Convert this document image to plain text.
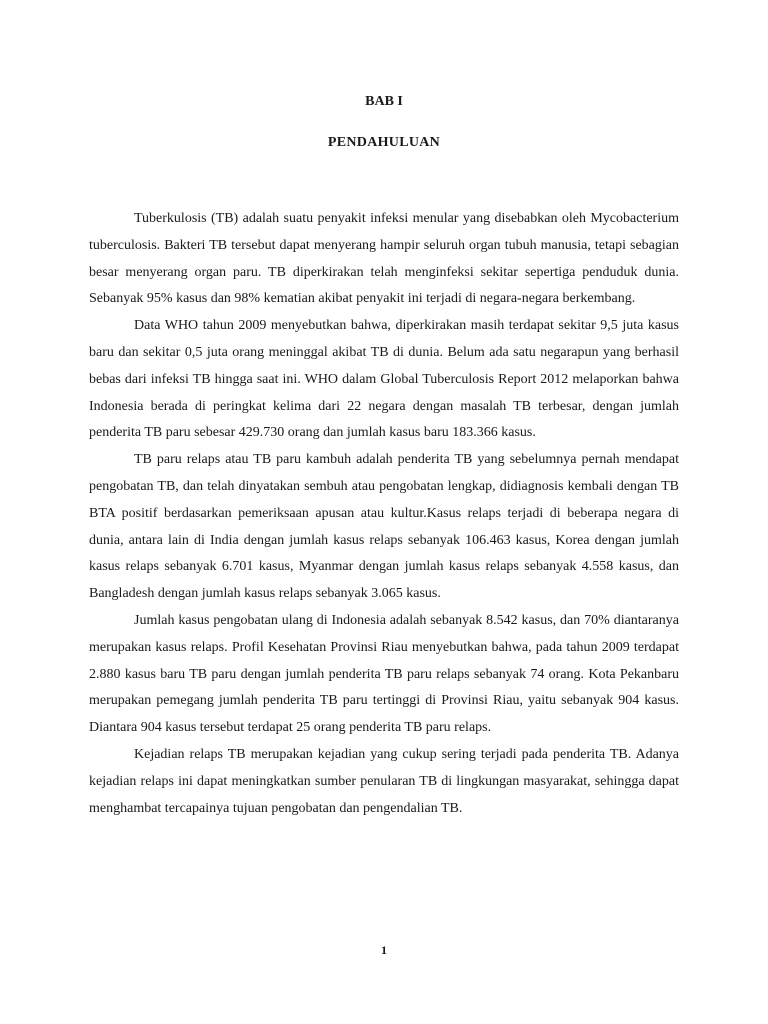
BAB I
PENDAHULUAN

Tuberkulosis (TB) adalah suatu penyakit infeksi menular yang disebabkan oleh Mycobacterium tuberculosis. Bakteri TB tersebut dapat menyerang hampir seluruh organ tubuh manusia, tetapi sebagian besar menyerang organ paru. TB diperkirakan telah menginfeksi sekitar sepertiga penduduk dunia. Sebanyak 95% kasus dan 98% kematian akibat penyakit ini terjadi di negara-negara berkembang.

Data WHO tahun 2009 menyebutkan bahwa, diperkirakan masih terdapat sekitar 9,5 juta kasus baru dan sekitar 0,5 juta orang meninggal akibat TB di dunia. Belum ada satu negarapun yang berhasil bebas dari infeksi TB hingga saat ini. WHO dalam Global Tuberculosis Report 2012 melaporkan bahwa Indonesia berada di peringkat kelima dari 22 negara dengan masalah TB terbesar, dengan jumlah penderita TB paru sebesar 429.730 orang dan jumlah kasus baru 183.366 kasus.

TB paru relaps atau TB paru kambuh adalah penderita TB yang sebelumnya pernah mendapat pengobatan TB, dan telah dinyatakan sembuh atau pengobatan lengkap, didiagnosis kembali dengan TB BTA positif berdasarkan pemeriksaan apusan atau kultur.Kasus relaps terjadi di beberapa negara di dunia, antara lain di India dengan jumlah kasus relaps sebanyak 106.463 kasus, Korea dengan jumlah kasus relaps sebanyak 6.701 kasus, Myanmar dengan jumlah kasus relaps sebanyak 4.558 kasus, dan Bangladesh dengan jumlah kasus relaps sebanyak 3.065 kasus.

Jumlah kasus pengobatan ulang di Indonesia adalah sebanyak 8.542 kasus, dan 70% diantaranya merupakan kasus relaps. Profil Kesehatan Provinsi Riau menyebutkan bahwa, pada tahun 2009 terdapat 2.880 kasus baru TB paru dengan jumlah penderita TB paru relaps sebanyak 74 orang. Kota Pekanbaru merupakan pemegang jumlah penderita TB paru tertinggi di Provinsi Riau, yaitu sebanyak 904 kasus. Diantara 904 kasus tersebut terdapat 25 orang penderita TB paru relaps.

Kejadian relaps TB merupakan kejadian yang cukup sering terjadi pada penderita TB. Adanya kejadian relaps ini dapat meningkatkan sumber penularan TB di lingkungan masyarakat, sehingga dapat menghambat tercapainya tujuan pengobatan dan pengendalian TB.

1
